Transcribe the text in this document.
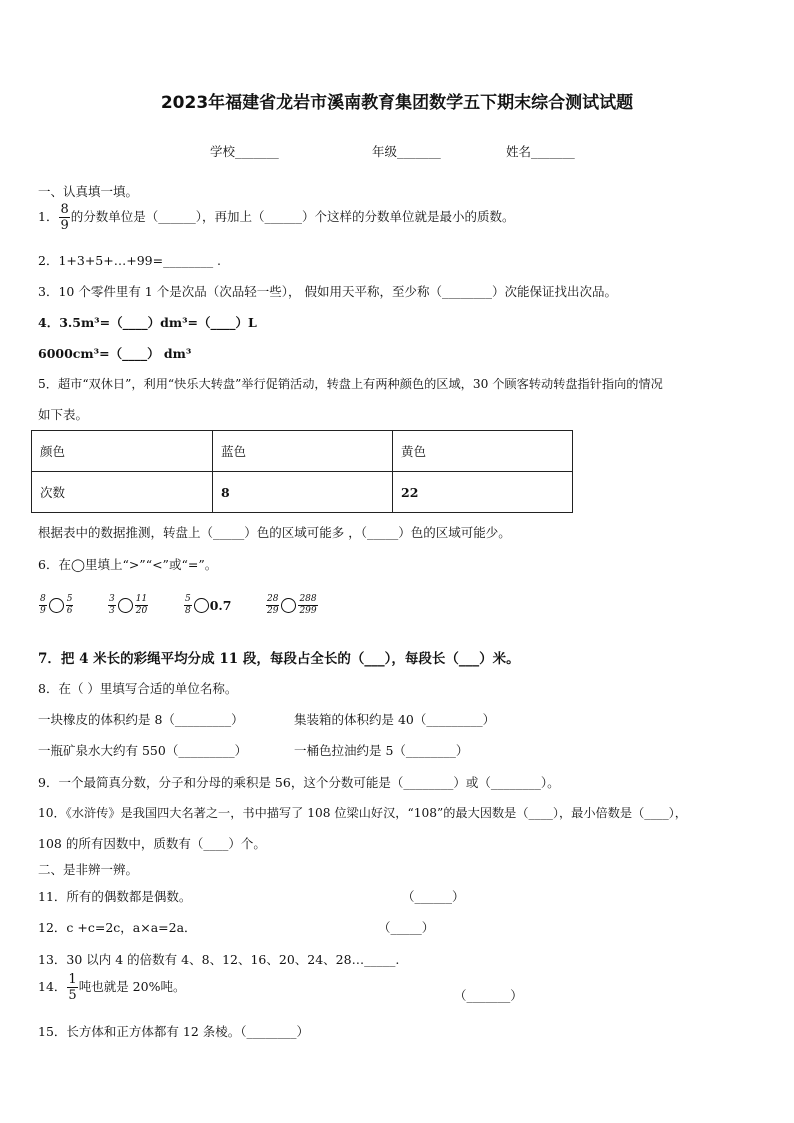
2023年福建省龙岩市溪南教育集团数学五下期末综合测试试题
学校_______	年级_______	姓名_______
一、认真填一填。
1． $\frac{8}{9}$ 的分数单位是（______），再加上（______）个这样的分数单位就是最小的质数。
2．1+3+5+…+99=________ .
3．10 个零件里有 1 个是次品（次品轻一些）， 假如用天平称，至少称（________）次能保证找出次品。
4．3.5m³=（____）dm³=（____）L
6000cm³=（____） dm³
5．超市“双休日”，利用“快乐大转盘”举行促销活动，转盘上有两种颜色的区域，30 个顾客转动转盘指针指向的情况
如下表。
颜色	蓝色	黄色
次数	8	22
根据表中的数据推测，转盘上（_____）色的区域可能多 ，（_____）色的区域可能少。
6．在◯里填上“>”“<”或“=”。
$\frac{8}{9} \frac{5}{6}$	$\frac{3}{3} \frac{11}{20}$	$\frac{5}{8} 0.7$	$\frac{28}{29} \frac{288}{299}$
7．把 4 米长的彩绳平均分成 11 段，每段占全长的（___），每段长（___）米。
8．在（ ）里填写合适的单位名称。
一块橡皮的体积约是 8（_________）	集装箱的体积约是 40（_________）
一瓶矿泉水大约有 550（_________）	一桶色拉油约是 5（________）
9．一个最简真分数，分子和分母的乘积是 56，这个分数可能是（________）或（________）。
10．《水浒传》是我国四大名著之一，书中描写了 108 位梁山好汉，“108”的最大因数是（____），最小倍数是（____），
108 的所有因数中，质数有（____）个。
二、是非辨一辨。
11．所有的偶数都是偶数。	（______）
12．c +c=2c，a×a=2a．	（_____）
13．30 以内 4 的倍数有 4、8、12、16、20、24、28…_____.
14． $\frac{1}{5}$ 吨也就是 20%吨。
（_______）
15．长方体和正方体都有 12 条棱。（________）
